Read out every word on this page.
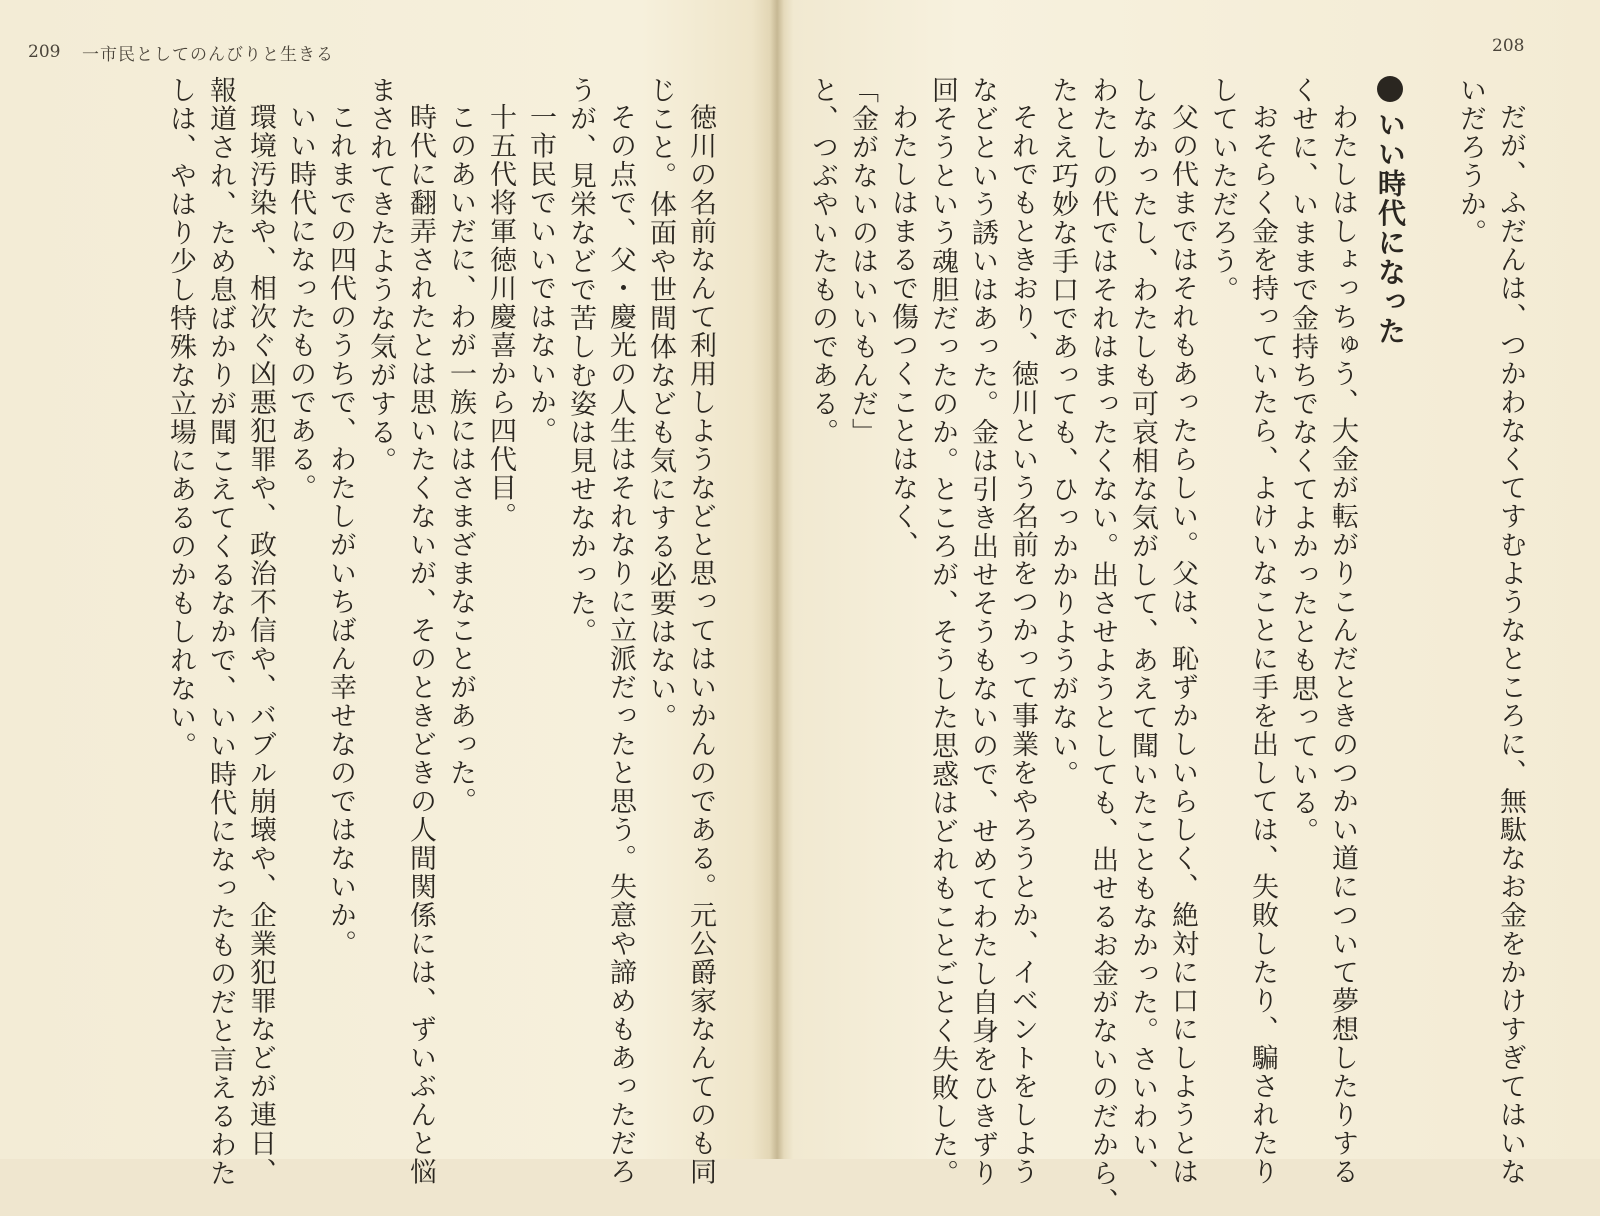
209 一市民としてのんびりと生きる	208
だが、ふだんは、つかわなくてすむようなところに、無駄なお金をかけすぎてはいな
いだろうか。
いい時代になった
わたしはしょっちゅう、大金が転がりこんだときのつかい道について夢想したりする
くせに、いままで金持ちでなくてよかったとも思っている。
おそらく金を持っていたら、よけいなことに手を出しては、失敗したり、騙されたり
していただろう。
父の代まではそれもあったらしい。父は、恥ずかしいらしく、絶対に口にしようとは
しなかったし、わたしも可哀相な気がして、あえて聞いたこともなかった。さいわい、
わたしの代ではそれはまったくない。出させようとしても、出せるお金がないのだから、
たとえ巧妙な手口であっても、ひっかかりようがない。
それでもときおり、徳川という名前をつかって事業をやろうとか、イベントをしよう
などという誘いはあった。金は引き出せそうもないので、せめてわたし自身をひきずり
回そうという魂胆だったのか。ところが、そうした思惑はどれもことごとく失敗した。
わたしはまるで傷つくことはなく、
「金がないのはいいもんだ」
と、つぶやいたものである。
徳川の名前なんて利用しようなどと思ってはいかんのである。元公爵家なんてのも同
じこと。体面や世間体なども気にする必要はない。
その点で、父・慶光の人生はそれなりに立派だったと思う。失意や諦めもあっただろ
うが、見栄などで苦しむ姿は見せなかった。
一市民でいいではないか。
十五代将軍徳川慶喜から四代目。
このあいだに、わが一族にはさまざまなことがあった。
時代に翻弄されたとは思いたくないが、そのときどきの人間関係には、ずいぶんと悩
まされてきたような気がする。
これまでの四代のうちで、わたしがいちばん幸せなのではないか。
いい時代になったものである。
環境汚染や、相次ぐ凶悪犯罪や、政治不信や、バブル崩壊や、企業犯罪などが連日、
報道され、ため息ばかりが聞こえてくるなかで、いい時代になったものだと言えるわた
しは、やはり少し特殊な立場にあるのかもしれない。
